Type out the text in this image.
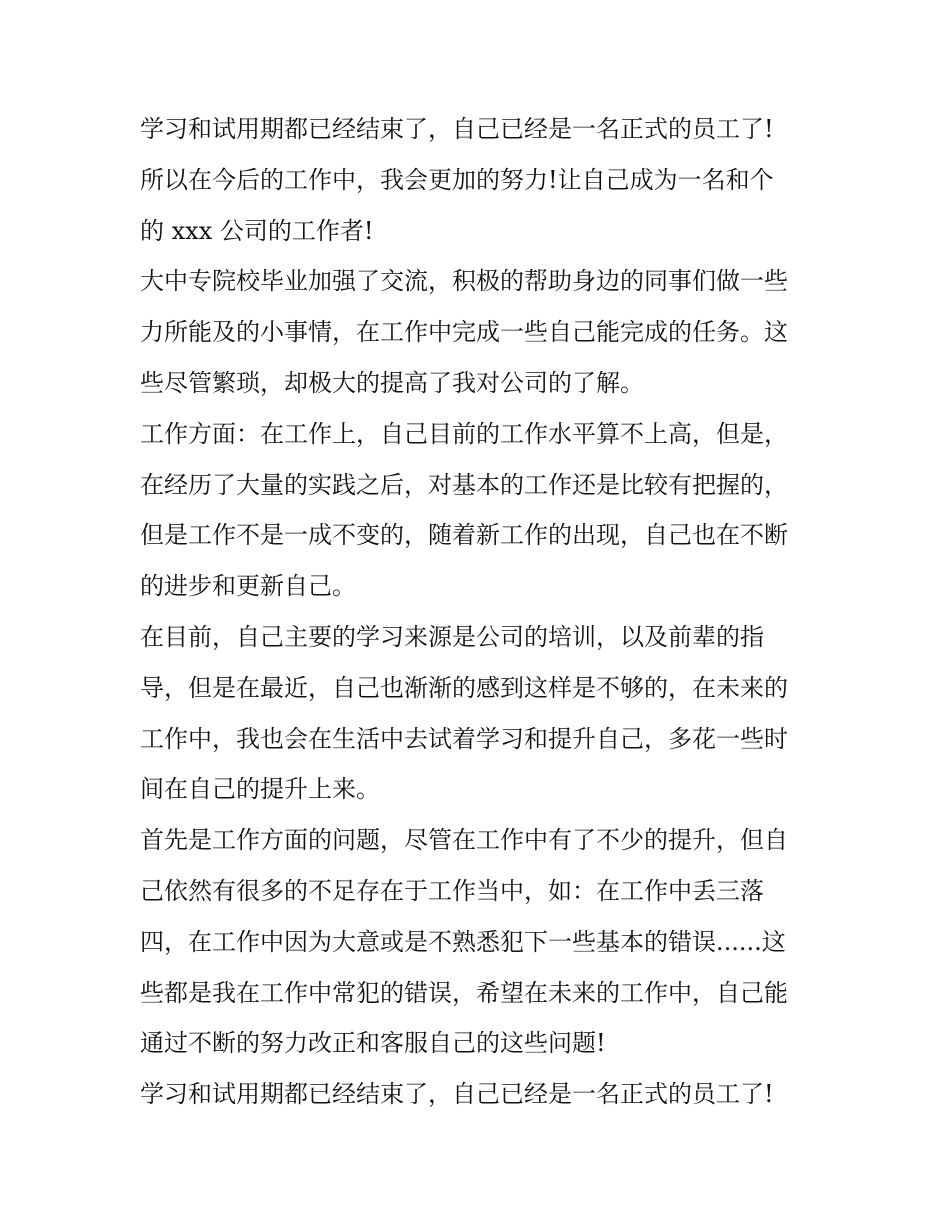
学习和试用期都已经结束了，自己已经是一名正式的员工了!
所以在今后的工作中，我会更加的努力!让自己成为一名和个
的 xxx 公司的工作者!
大中专院校毕业加强了交流，积极的帮助身边的同事们做一些
力所能及的小事情，在工作中完成一些自己能完成的任务。这
些尽管繁琐，却极大的提高了我对公司的了解。
工作方面：在工作上，自己目前的工作水平算不上高，但是，
在经历了大量的实践之后，对基本的工作还是比较有把握的，
但是工作不是一成不变的，随着新工作的出现，自己也在不断
的进步和更新自己。
在目前，自己主要的学习来源是公司的培训，以及前辈的指
导，但是在最近，自己也渐渐的感到这样是不够的，在未来的
工作中，我也会在生活中去试着学习和提升自己，多花一些时
间在自己的提升上来。
首先是工作方面的问题，尽管在工作中有了不少的提升，但自
己依然有很多的不足存在于工作当中，如：在工作中丢三落
四，在工作中因为大意或是不熟悉犯下一些基本的错误......这
些都是我在工作中常犯的错误，希望在未来的工作中，自己能
通过不断的努力改正和客服自己的这些问题!
学习和试用期都已经结束了，自己已经是一名正式的员工了!
